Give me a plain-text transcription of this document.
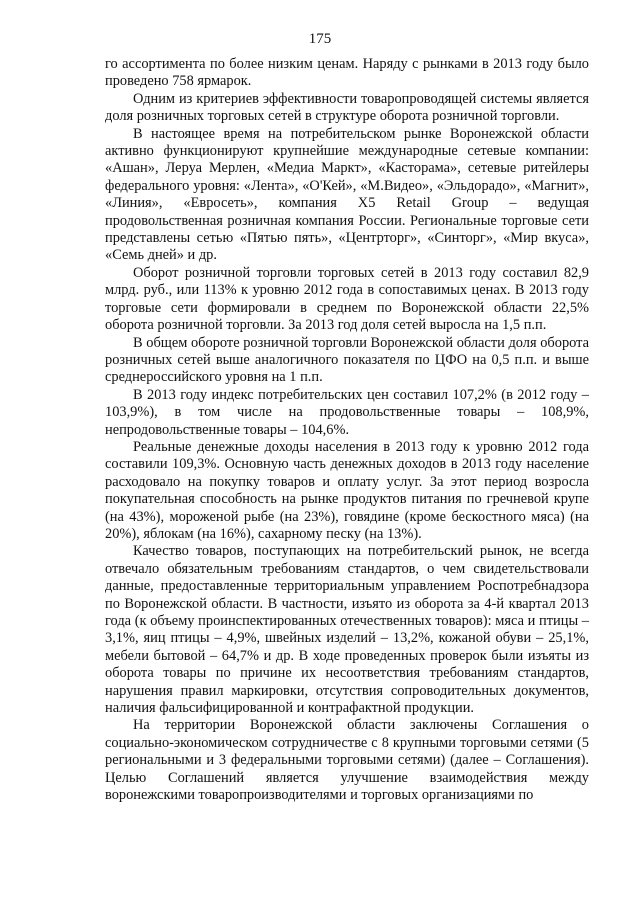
175

го ассортимента по более низким ценам. Наряду с рынками в 2013 году было проведено 758 ярмарок.

Одним из критериев эффективности товаропроводящей системы является доля розничных торговых сетей в структуре оборота розничной торговли.

В настоящее время на потребительском рынке Воронежской области активно функционируют крупнейшие международные сетевые компании: «Ашан», Леруа Мерлен, «Медиа Маркт», «Касторама», сетевые ритейлеры федерального уровня: «Лента», «О'Кей», «М.Видео», «Эльдорадо», «Магнит», «Линия», «Евросеть», компания X5 Retail Group – ведущая продовольственная розничная компания России. Региональные торговые сети представлены сетью «Пятью пять», «Центрторг», «Синторг», «Мир вкуса», «Семь дней» и др.

Оборот розничной торговли торговых сетей в 2013 году составил 82,9 млрд. руб., или 113% к уровню 2012 года в сопоставимых ценах. В 2013 году торговые сети формировали в среднем по Воронежской области 22,5% оборота розничной торговли. За 2013 год доля сетей выросла на 1,5 п.п.

В общем обороте розничной торговли Воронежской области доля оборота розничных сетей выше аналогичного показателя по ЦФО на 0,5 п.п. и выше среднероссийского уровня на 1 п.п.

В 2013 году индекс потребительских цен составил 107,2% (в 2012 году – 103,9%), в том числе на продовольственные товары – 108,9%, непродовольственные товары – 104,6%.

Реальные денежные доходы населения в 2013 году к уровню 2012 года составили 109,3%. Основную часть денежных доходов в 2013 году население расходовало на покупку товаров и оплату услуг. За этот период возросла покупательная способность на рынке продуктов питания по гречневой крупе (на 43%), мороженой рыбе (на 23%), говядине (кроме бескостного мяса) (на 20%), яблокам (на 16%), сахарному песку (на 13%).

Качество товаров, поступающих на потребительский рынок, не всегда отвечало обязательным требованиям стандартов, о чем свидетельствовали данные, предоставленные территориальным управлением Роспотребнадзора по Воронежской области. В частности, изъято из оборота за 4-й квартал 2013 года (к объему проинспектированных отечественных товаров): мяса и птицы – 3,1%, яиц птицы – 4,9%, швейных изделий – 13,2%, кожаной обуви – 25,1%, мебели бытовой – 64,7% и др. В ходе проведенных проверок были изъяты из оборота товары по причине их несоответствия требованиям стандартов, нарушения правил маркировки, отсутствия сопроводительных документов, наличия фальсифицированной и контрафактной продукции.

На территории Воронежской области заключены Соглашения о социально-экономическом сотрудничестве с 8 крупными торговыми сетями (5 региональными и 3 федеральными торговыми сетями) (далее – Соглашения). Целью Соглашений является улучшение взаимодействия между воронежскими товаропроизводителями и торговых организациями по
